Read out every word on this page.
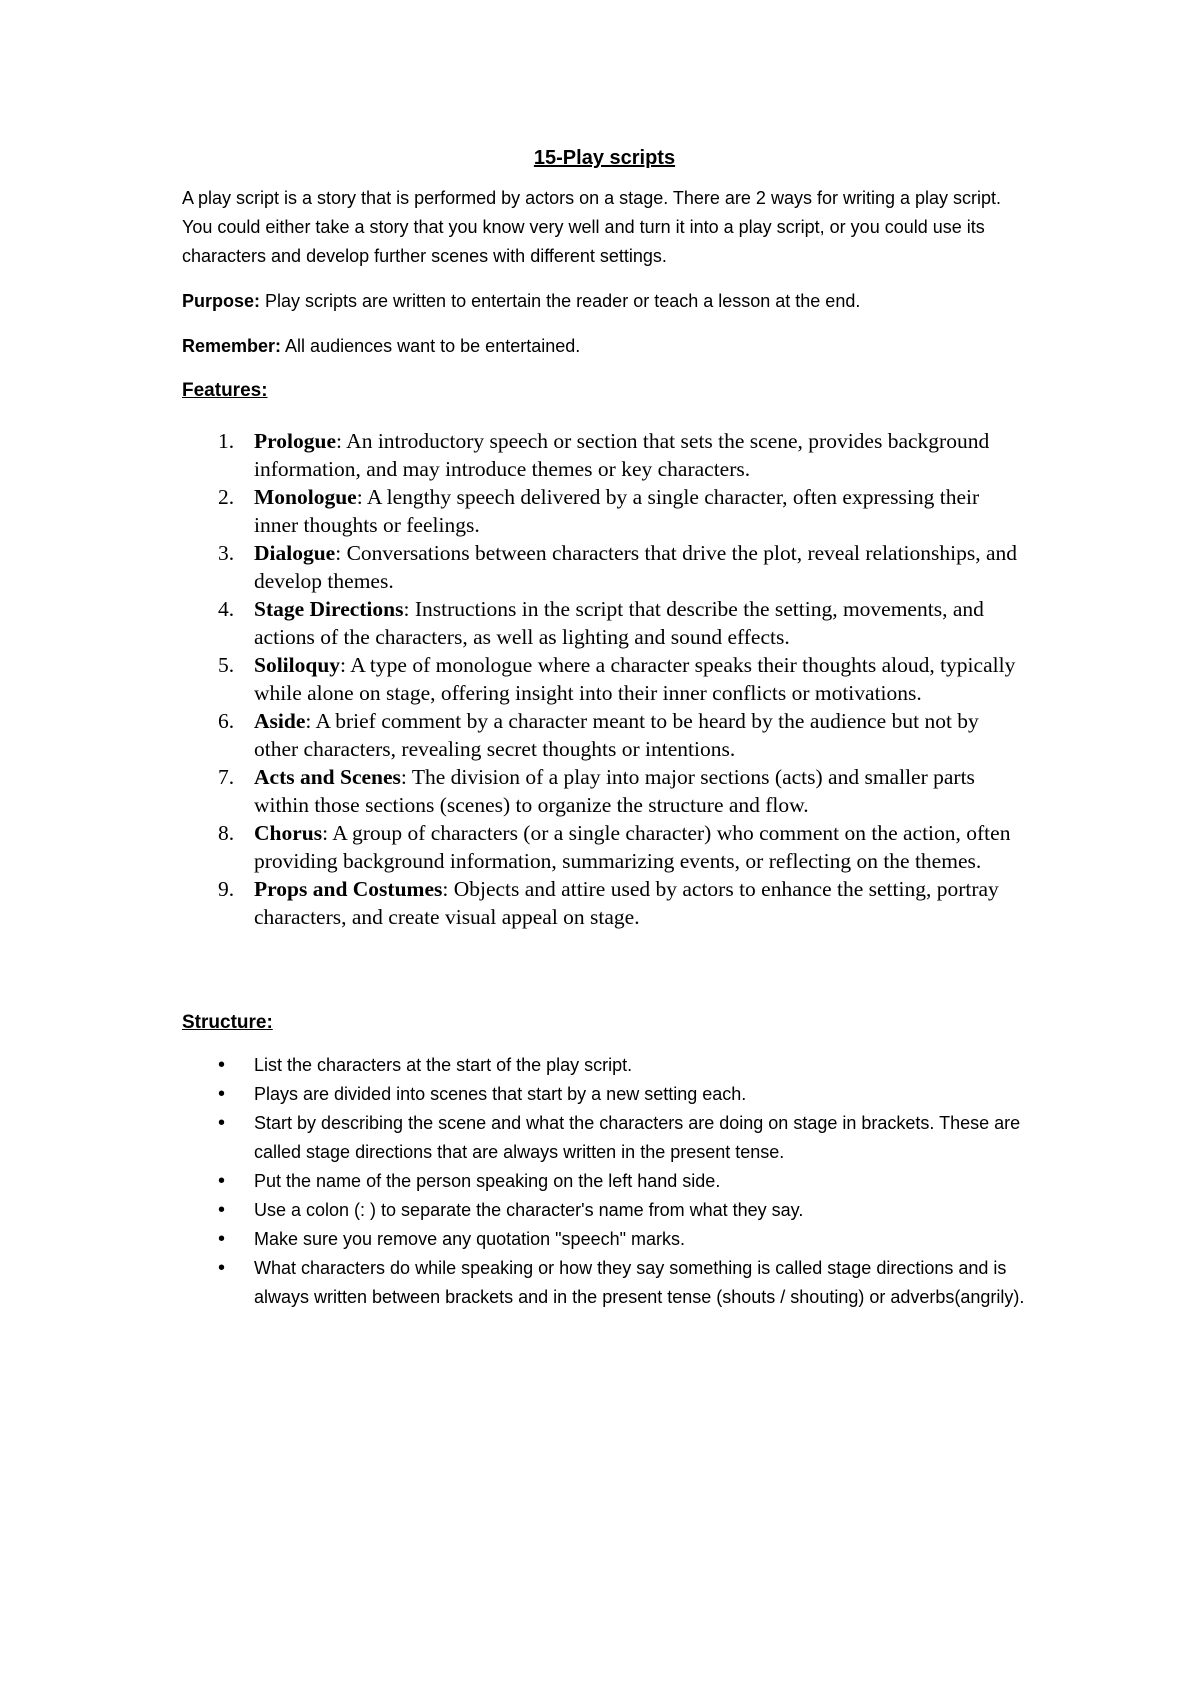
15-Play scripts

A play script is a story that is performed by actors on a stage. There are 2 ways for writing a play script. You could either take a story that you know very well and turn it into a play script, or you could use its characters and develop further scenes with different settings.

Purpose: Play scripts are written to entertain the reader or teach a lesson at the end.

Remember: All audiences want to be entertained.

Features:
1. Prologue: An introductory speech or section that sets the scene, provides background information, and may introduce themes or key characters.
2. Monologue: A lengthy speech delivered by a single character, often expressing their inner thoughts or feelings.
3. Dialogue: Conversations between characters that drive the plot, reveal relationships, and develop themes.
4. Stage Directions: Instructions in the script that describe the setting, movements, and actions of the characters, as well as lighting and sound effects.
5. Soliloquy: A type of monologue where a character speaks their thoughts aloud, typically while alone on stage, offering insight into their inner conflicts or motivations.
6. Aside: A brief comment by a character meant to be heard by the audience but not by other characters, revealing secret thoughts or intentions.
7. Acts and Scenes: The division of a play into major sections (acts) and smaller parts within those sections (scenes) to organize the structure and flow.
8. Chorus: A group of characters (or a single character) who comment on the action, often providing background information, summarizing events, or reflecting on the themes.
9. Props and Costumes: Objects and attire used by actors to enhance the setting, portray characters, and create visual appeal on stage.
Structure:
• List the characters at the start of the play script.
• Plays are divided into scenes that start by a new setting each.
• Start by describing the scene and what the characters are doing on stage in brackets. These are called stage directions that are always written in the present tense.
• Put the name of the person speaking on the left hand side.
• Use a colon (: ) to separate the character's name from what they say.
• Make sure you remove any quotation "speech" marks.
• What characters do while speaking or how they say something is called stage directions and is always written between brackets and in the present tense (shouts / shouting) or adverbs(angrily).
